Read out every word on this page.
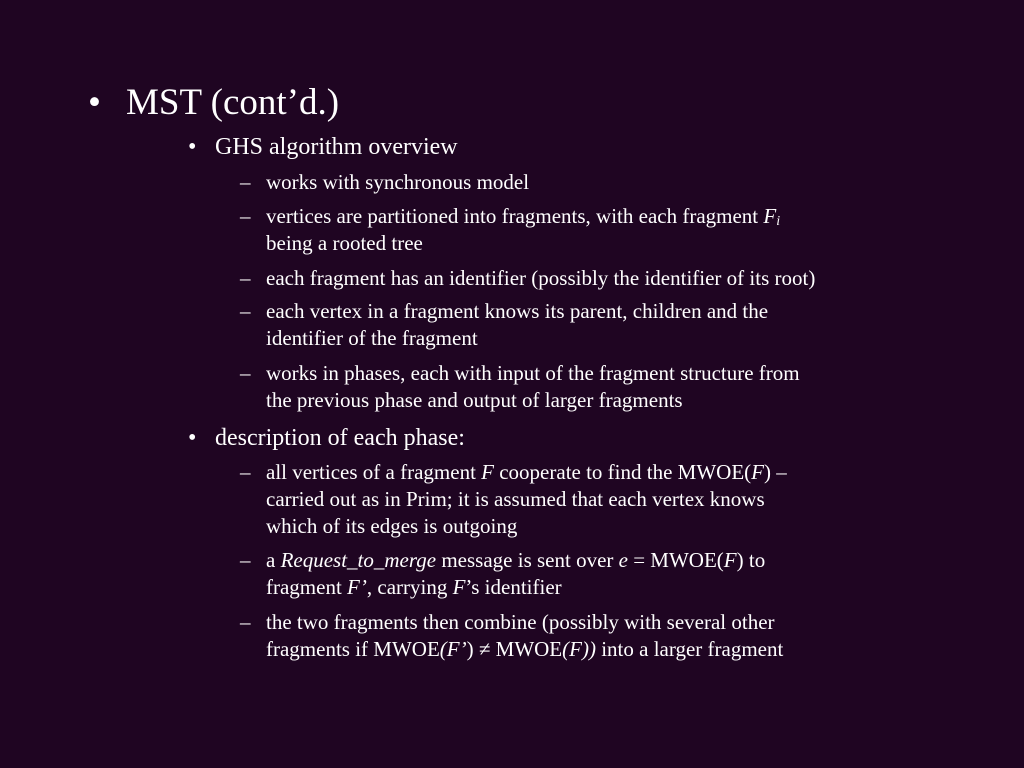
• MST (cont’d.)
• GHS algorithm overview
– works with synchronous model
– vertices are partitioned into fragments, with each fragment $F_i$
being a rooted tree
– each fragment has an identifier (possibly the identifier of its root)
– each vertex in a fragment knows its parent, children and the
identifier of the fragment
– works in phases, each with input of the fragment structure from
the previous phase and output of larger fragments
• description of each phase:
– all vertices of a fragment F cooperate to find the MWOE(F) –
carried out as in Prim; it is assumed that each vertex knows
which of its edges is outgoing
– a Request_to_merge message is sent over e = MWOE(F) to
fragment F’, carrying F’s identifier
– the two fragments then combine (possibly with several other
fragments if MWOE(F’) ≠ MWOE(F)) into a larger fragment
